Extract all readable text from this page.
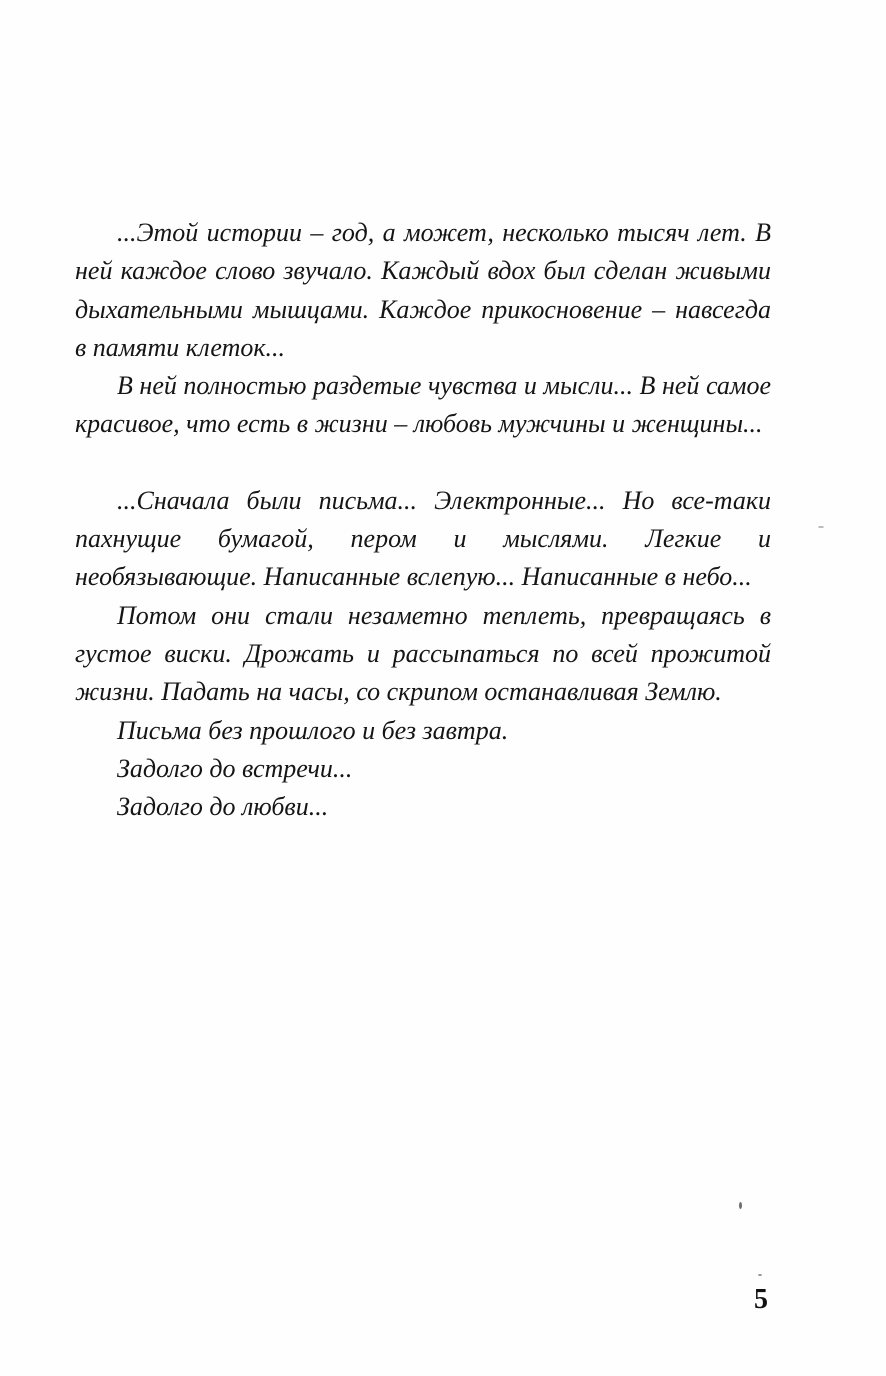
...Этой истории – год, а может, несколько тысяч лет. В ней каждое слово звучало. Каждый вдох был сделан живыми дыхательными мышцами. Каждое прикосновение – навсегда в памяти клеток...

В ней полностью раздетые чувства и мысли... В ней самое красивое, что есть в жизни – любовь мужчины и женщины...

...Сначала были письма... Электронные... Но все-таки пахнущие бумагой, пером и мыслями. Легкие и необязывающие. Написанные вслепую... Написанные в небо...

Потом они стали незаметно теплеть, превращаясь в густое виски. Дрожать и рассыпаться по всей прожитой жизни. Падать на часы, со скрипом останавливая Землю.

Письма без прошлого и без завтра.

Задолго до встречи...

Задолго до любви...

5
